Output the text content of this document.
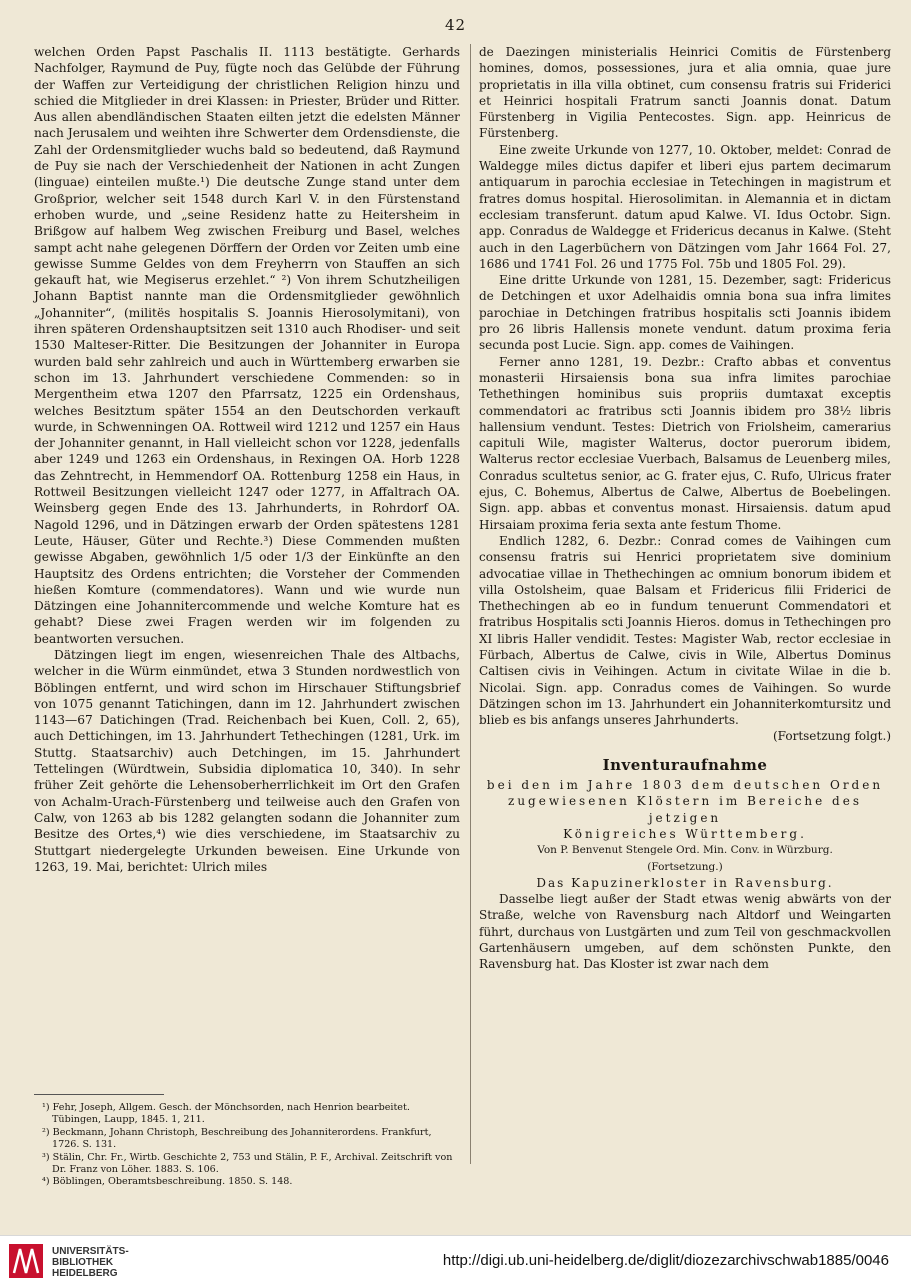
42

welchen Orden Papst Paschalis II. 1113 bestätigte. Gerhards Nachfolger, Raymund de Puy, fügte noch das Gelübde der Führung der Waffen zur Verteidigung der christlichen Religion hinzu und schied die Mitglieder in drei Klassen: in Priester, Brüder und Ritter. Aus allen abendländischen Staaten eilten jetzt die edelsten Männer nach Jerusalem und weihten ihre Schwerter dem Ordensdienste, die Zahl der Ordensmitglieder wuchs bald so bedeutend, daß Raymund de Puy sie nach der Verschiedenheit der Nationen in acht Zungen (linguae) einteilen mußte.¹) Die deutsche Zunge stand unter dem Großprior, welcher seit 1548 durch Karl V. in den Fürstenstand erhoben wurde, und „seine Residenz hatte zu Heitersheim in Brißgow auf halbem Weg zwischen Freiburg und Basel, welches sampt acht nahe gelegenen Dörffern der Orden vor Zeiten umb eine gewisse Summe Geldes von dem Freyherrn von Stauffen an sich gekauft hat, wie Megiserus erzehlet.“ ²) Von ihrem Schutzheiligen Johann Baptist nannte man die Ordensmitglieder gewöhnlich „Johanniter“, (militës hospitalis S. Joannis Hierosolymitani), von ihren späteren Ordenshauptsitzen seit 1310 auch Rhodiser- und seit 1530 Malteser-Ritter. Die Besitzungen der Johanniter in Europa wurden bald sehr zahlreich und auch in Württemberg erwarben sie schon im 13. Jahrhundert verschiedene Commenden: so in Mergentheim etwa 1207 den Pfarrsatz, 1225 ein Ordenshaus, welches Besitztum später 1554 an den Deutschorden verkauft wurde, in Schwenningen OA. Rottweil wird 1212 und 1257 ein Haus der Johanniter genannt, in Hall vielleicht schon vor 1228, jedenfalls aber 1249 und 1263 ein Ordenshaus, in Rexingen OA. Horb 1228 das Zehntrecht, in Hemmendorf OA. Rottenburg 1258 ein Haus, in Rottweil Besitzungen vielleicht 1247 oder 1277, in Affaltrach OA. Weinsberg gegen Ende des 13. Jahrhunderts, in Rohrdorf OA. Nagold 1296, und in Dätzingen erwarb der Orden spätestens 1281 Leute, Häuser, Güter und Rechte.³) Diese Commenden mußten gewisse Abgaben, gewöhnlich 1/5 oder 1/3 der Einkünfte an den Hauptsitz des Ordens entrichten; die Vorsteher der Commenden hießen Komture (commendatores). Wann und wie wurde nun Dätzingen eine Johannitercommende und welche Komture hat es gehabt? Diese zwei Fragen werden wir im folgenden zu beantworten versuchen.

Dätzingen liegt im engen, wiesenreichen Thale des Altbachs, welcher in die Würm einmündet, etwa 3 Stunden nordwestlich von Böblingen entfernt, und wird schon im Hirschauer Stiftungsbrief von 1075 genannt Tatichingen, dann im 12. Jahrhundert zwischen 1143—67 Datichingen (Trad. Reichenbach bei Kuen, Coll. 2, 65), auch Dettichingen, im 13. Jahrhundert Tethechingen (1281, Urk. im Stuttg. Staatsarchiv) auch Detchingen, im 15. Jahrhundert Tettelingen (Würdtwein, Subsidia diplomatica 10, 340). In sehr früher Zeit gehörte die Lehensoberherrlichkeit im Ort den Grafen von Achalm-Urach-Fürstenberg und teilweise auch den Grafen von Calw, von 1263 ab bis 1282 gelangten sodann die Johanniter zum Besitze des Ortes,⁴) wie dies verschiedene, im Staatsarchiv zu Stuttgart niedergelegte Urkunden beweisen. Eine Urkunde von 1263, 19. Mai, berichtet: Ulrich miles

¹) Fehr, Joseph, Allgem. Gesch. der Mönchsorden, nach Henrion bearbeitet. Tübingen, Laupp, 1845. 1, 211.

²) Beckmann, Johann Christoph, Beschreibung des Johanniterordens. Frankfurt, 1726. S. 131.

³) Stälin, Chr. Fr., Wirtb. Geschichte 2, 753 und Stälin, P. F., Archival. Zeitschrift von Dr. Franz von Löher. 1883. S. 106.

⁴) Böblingen, Oberamtsbeschreibung. 1850. S. 148.

de Daezingen ministerialis Heinrici Comitis de Fürstenberg homines, domos, possessiones, jura et alia omnia, quae jure proprietatis in illa villa obtinet, cum consensu fratris sui Friderici et Heinrici hospitali Fratrum sancti Joannis donat. Datum Fürstenberg in Vigilia Pentecostes. Sign. app. Heinricus de Fürstenberg.

Eine zweite Urkunde von 1277, 10. Oktober, meldet: Conrad de Waldegge miles dictus dapifer et liberi ejus partem decimarum antiquarum in parochia ecclesiae in Tetechingen in magistrum et fratres domus hospital. Hierosolimitan. in Alemannia et in dictam ecclesiam transferunt. datum apud Kalwe. VI. Idus Octobr. Sign. app. Conradus de Waldegge et Fridericus decanus in Kalwe. (Steht auch in den Lagerbüchern von Dätzingen vom Jahr 1664 Fol. 27, 1686 und 1741 Fol. 26 und 1775 Fol. 75b und 1805 Fol. 29).

Eine dritte Urkunde von 1281, 15. Dezember, sagt: Fridericus de Detchingen et uxor Adelhaidis omnia bona sua infra limites parochiae in Detchingen fratribus hospitalis scti Joannis ibidem pro 26 libris Hallensis monete vendunt. datum proxima feria secunda post Lucie. Sign. app. comes de Vaihingen.

Ferner anno 1281, 19. Dezbr.: Crafto abbas et conventus monasterii Hirsaiensis bona sua infra limites parochiae Tethethingen hominibus suis propriis dumtaxat exceptis commendatori ac fratribus scti Joannis ibidem pro 38½ libris hallensium vendunt. Testes: Dietrich von Friolsheim, camerarius capituli Wile, magister Walterus, doctor puerorum ibidem, Walterus rector ecclesiae Vuerbach, Balsamus de Leuenberg miles, Conradus scultetus senior, ac G. frater ejus, C. Rufo, Ulricus frater ejus, C. Bohemus, Albertus de Calwe, Albertus de Boebelingen. Sign. app. abbas et conventus monast. Hirsaiensis. datum apud Hirsaiam proxima feria sexta ante festum Thome.

Endlich 1282, 6. Dezbr.: Conrad comes de Vaihingen cum consensu fratris sui Henrici proprietatem sive dominium advocatiae villae in Thethechingen ac omnium bonorum ibidem et villa Ostolsheim, quae Balsam et Fridericus filii Friderici de Thethechingen ab eo in fundum tenuerunt Commendatori et fratribus Hospitalis scti Joannis Hieros. domus in Tethechingen pro XI libris Haller vendidit. Testes: Magister Wab, rector ecclesiae in Fürbach, Albertus de Calwe, civis in Wile, Albertus Dominus Caltisen civis in Veihingen. Actum in civitate Wilae in die b. Nicolai. Sign. app. Conradus comes de Vaihingen. So wurde Dätzingen schon im 13. Jahrhundert ein Johanniterkomtursitz und blieb es bis anfangs unseres Jahrhunderts.

(Fortsetzung folgt.)

Inventuraufnahme

bei den im Jahre 1803 dem deutschen Orden zugewiesenen Klöstern im Bereiche des jetzigen

Königreiches Württemberg.

Von P. Benvenut Stengele Ord. Min. Conv. in Würzburg.

(Fortsetzung.)

Das Kapuzinerkloster in Ravensburg.

Dasselbe liegt außer der Stadt etwas wenig abwärts von der Straße, welche von Ravensburg nach Altdorf und Weingarten führt, durchaus von Lustgärten und zum Teil von geschmackvollen Gartenhäusern umgeben, auf dem schönsten Punkte, den Ravensburg hat. Das Kloster ist zwar nach dem

UNIVERSITÄTS-
BIBLIOTHEK
HEIDELBERG
http://digi.ub.uni-heidelberg.de/diglit/diozezarchivschwab1885/0046
